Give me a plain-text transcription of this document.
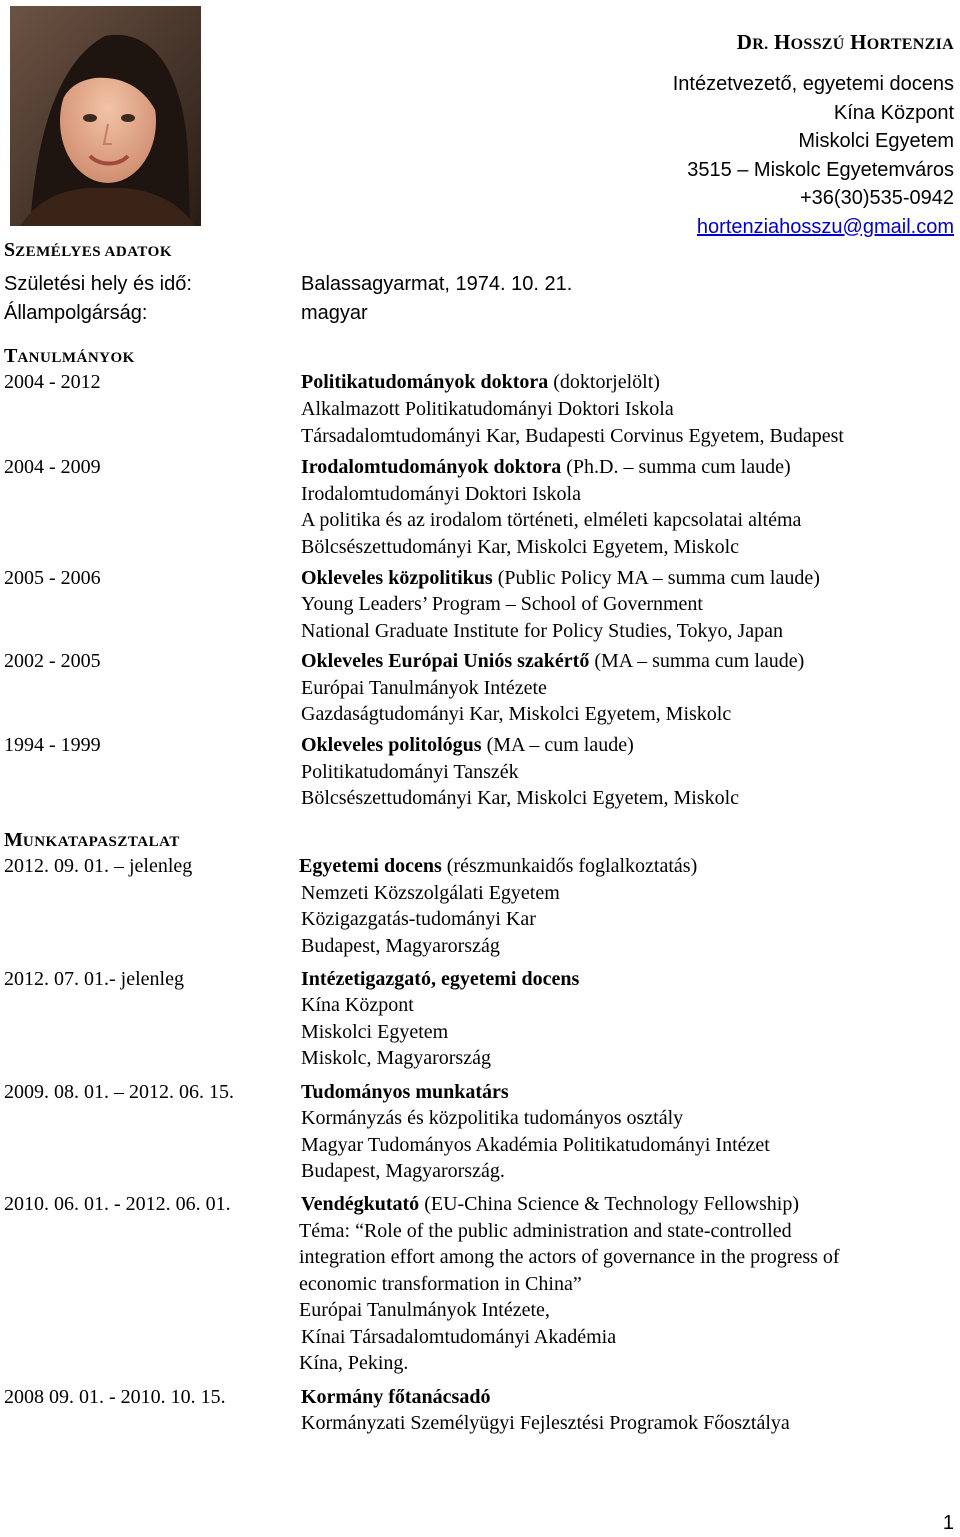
DR. HOSSZÚ HORTENZIA
Intézetvezető, egyetemi docens
Kína Központ
Miskolci Egyetem
3515 – Miskolc Egyetemváros
+36(30)535-0942
hortenziahosszu@gmail.com
SZEMÉLYES ADATOK
Születési hely és idő:	Balassagyarmat, 1974. 10. 21.
Állampolgárság:	magyar
TANULMÁNYOK
2004 - 2012	Politikatudományok doktora (doktorjelölt)
Alkalmazott Politikatudományi Doktori Iskola
Társadalomtudományi Kar, Budapesti Corvinus Egyetem, Budapest
2004 - 2009	Irodalomtudományok doktora (Ph.D. – summa cum laude)
Irodalomtudományi Doktori Iskola
A politika és az irodalom történeti, elméleti kapcsolatai altéma
Bölcsészettudományi Kar, Miskolci Egyetem, Miskolc
2005 - 2006	Okleveles közpolitikus (Public Policy MA – summa cum laude)
Young Leaders’ Program – School of Government
National Graduate Institute for Policy Studies, Tokyo, Japan
2002 - 2005	Okleveles Európai Uniós szakértő (MA – summa cum laude)
Európai Tanulmányok Intézete
Gazdaságtudományi Kar, Miskolci Egyetem, Miskolc
1994 - 1999	Okleveles politológus (MA – cum laude)
Politikatudományi Tanszék
Bölcsészettudományi Kar, Miskolci Egyetem, Miskolc
MUNKATAPASZTALAT
2012. 09. 01. – jelenleg	Egyetemi docens (részmunkaidős foglalkoztatás)
Nemzeti Közszolgálati Egyetem
Közigazgatás-tudományi Kar
Budapest, Magyarország
2012. 07. 01.- jelenleg	Intézetigazgató, egyetemi docens
Kína Központ
Miskolci Egyetem
Miskolc, Magyarország
2009. 08. 01. – 2012. 06. 15.	Tudományos munkatárs
Kormányzás és közpolitika tudományos osztály
Magyar Tudományos Akadémia Politikatudományi Intézet
Budapest, Magyarország.
2010. 06. 01. - 2012. 06. 01.	Vendégkutató (EU-China Science & Technology Fellowship)
Téma: “Role of the public administration and state-controlled
integration effort among the actors of governance in the progress of
economic transformation in China”
Európai Tanulmányok Intézete,
Kínai Társadalomtudományi Akadémia
Kína, Peking.
2008 09. 01. - 2010. 10. 15.	Kormány főtanácsadó
Kormányzati Személyügyi Fejlesztési Programok Főosztálya
1
